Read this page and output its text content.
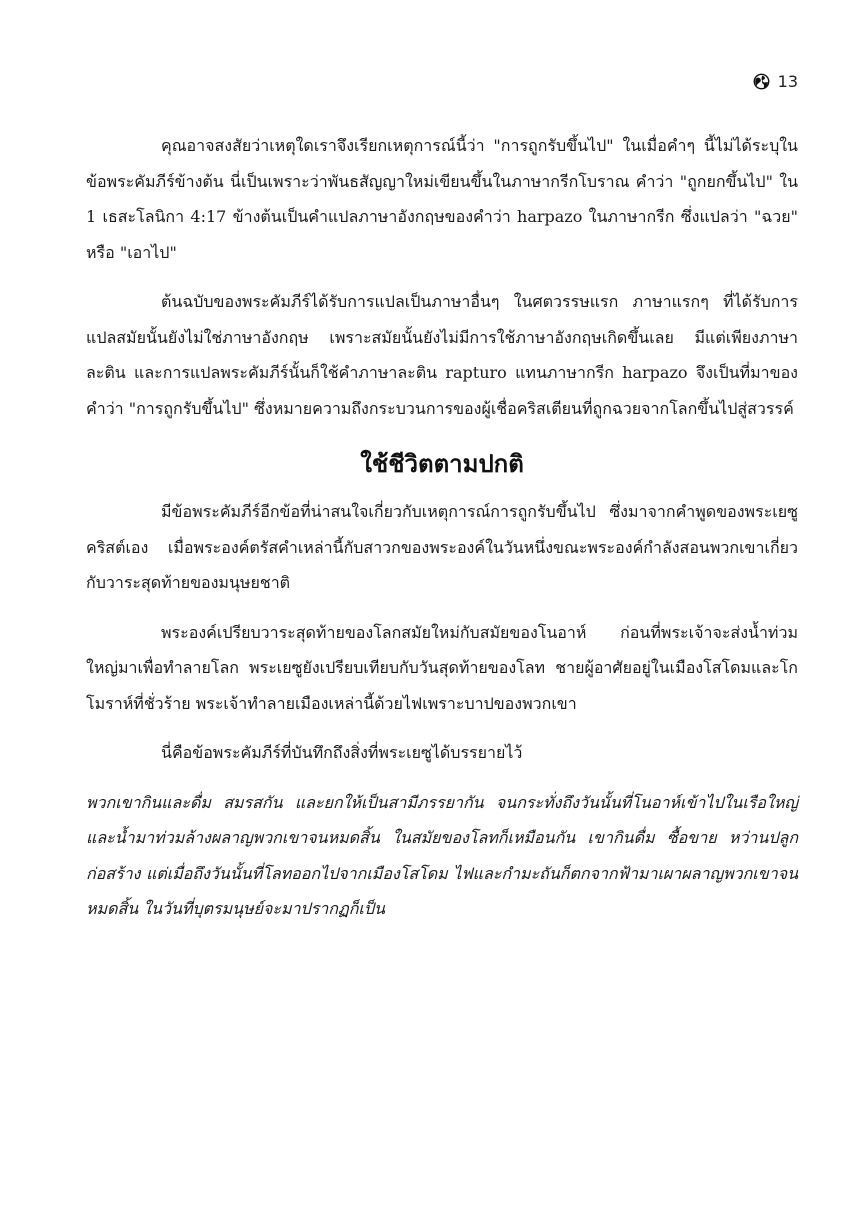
13

คุณอาจสงสัยว่าเหตุใดเราจึงเรียกเหตุการณ์นี้ว่า "การถูกรับขึ้นไป" ในเมื่อคำๆ นี้ไม่ได้ระบุในข้อพระคัมภีร์ข้างต้น นี่เป็นเพราะว่าพันธสัญญาใหม่เขียนขึ้นในภาษากรีกโบราณ คำว่า "ถูกยกขึ้นไป" ใน 1 เธสะโลนิกา 4:17 ข้างต้นเป็นคำแปลภาษาอังกฤษของคำว่า harpazo ในภาษากรีก ซึ่งแปลว่า "ฉวย" หรือ "เอาไป"

ต้นฉบับของพระคัมภีร์ได้รับการแปลเป็นภาษาอื่นๆ ในศตวรรษแรก ภาษาแรกๆ ที่ได้รับการแปลสมัยนั้นยังไม่ใช่ภาษาอังกฤษ เพราะสมัยนั้นยังไม่มีการใช้ภาษาอังกฤษเกิดขึ้นเลย มีแต่เพียงภาษาละติน และการแปลพระคัมภีร์นั้นก็ใช้คำภาษาละติน rapturo แทนภาษากรีก harpazo จึงเป็นที่มาของคำว่า "การถูกรับขึ้นไป" ซึ่งหมายความถึงกระบวนการของผู้เชื่อคริสเตียนที่ถูกฉวยจากโลกขึ้นไปสู่สวรรค์

ใช้ชีวิตตามปกติ

มีข้อพระคัมภีร์อีกข้อที่น่าสนใจเกี่ยวกับเหตุการณ์การถูกรับขึ้นไป ซึ่งมาจากคำพูดของพระเยซูคริสต์เอง เมื่อพระองค์ตรัสคำเหล่านี้กับสาวกของพระองค์ในวันหนึ่งขณะพระองค์กำลังสอนพวกเขาเกี่ยวกับวาระสุดท้ายของมนุษยชาติ

พระองค์เปรียบวาระสุดท้ายของโลกสมัยใหม่กับสมัยของโนอาห์ ก่อนที่พระเจ้าจะส่งน้ำท่วมใหญ่มาเพื่อทำลายโลก พระเยซูยังเปรียบเทียบกับวันสุดท้ายของโลท ชายผู้อาศัยอยู่ในเมืองโสโดมและโกโมราห์ที่ชั่วร้าย พระเจ้าทำลายเมืองเหล่านี้ด้วยไฟเพราะบาปของพวกเขา

นี่คือข้อพระคัมภีร์ที่บันทึกถึงสิ่งที่พระเยซูได้บรรยายไว้

พวกเขากินและดื่ม สมรสกัน และยกให้เป็นสามีภรรยากัน จนกระทั่งถึงวันนั้นที่โนอาห์เข้าไปในเรือใหญ่ และน้ำมาท่วมล้างผลาญพวกเขาจนหมดสิ้น ในสมัยของโลทก็เหมือนกัน เขากินดื่ม ซื้อขาย หว่านปลูก ก่อสร้าง แต่เมื่อถึงวันนั้นที่โลทออกไปจากเมืองโสโดม ไฟและกำมะถันก็ตกจากฟ้ามาเผาผลาญพวกเขาจนหมดสิ้น ในวันที่บุตรมนุษย์จะมาปรากฏก็เป็น
